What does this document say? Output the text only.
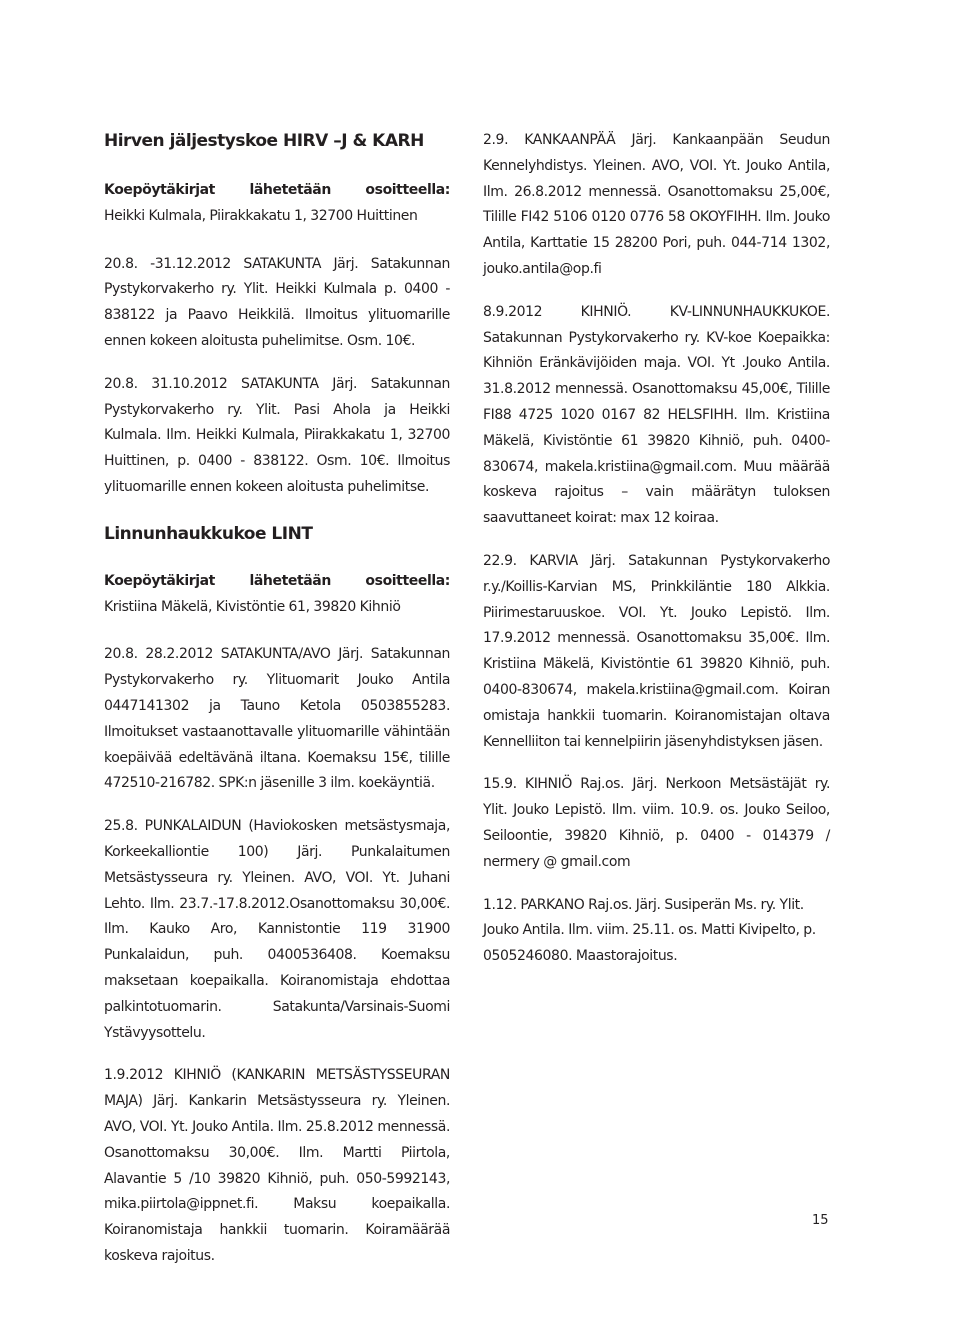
Hirven jäljestyskoe HIRV –J & KARH
Koepöytäkirjat lähetetään osoitteella:
Heikki Kulmala, Piirakkakatu 1, 32700 Huittinen

20.8. -31.12.2012 SATAKUNTA Järj. Satakunnan Pystykorvakerho ry. Ylit. Heikki Kulmala p. 0400 - 838122 ja Paavo Heikkilä. Ilmoitus ylituomarille ennen kokeen aloitusta puhelimitse. Osm. 10€.

20.8. 31.10.2012 SATAKUNTA Järj. Satakunnan Pystykorvakerho ry. Ylit. Pasi Ahola ja Heikki Kulmala. Ilm. Heikki Kulmala, Piirakkakatu 1, 32700 Huittinen, p. 0400 - 838122. Osm. 10€. Ilmoitus ylituomarille ennen kokeen aloitusta puhelimitse.

Linnunhaukkukoe LINT
Koepöytäkirjat lähetetään osoitteella:
Kristiina Mäkelä, Kivistöntie 61, 39820 Kihniö

20.8. 28.2.2012 SATAKUNTA/AVO Järj. Satakunnan Pystykorvakerho ry. Ylituomarit Jouko Antila 0447141302 ja Tauno Ketola 0503855283. Ilmoitukset vastaanottavalle ylituomarille vähintään koepäivää edeltävänä iltana. Koemaksu 15€, tilille 472510-216782. SPK:n jäsenille 3 ilm. koekäyntiä.

25.8. PUNKALAIDUN (Haviokosken metsästysmaja, Korkeekalliontie 100) Järj. Punkalaitumen Metsästysseura ry. Yleinen. AVO, VOI. Yt. Juhani Lehto. Ilm. 23.7.-17.8.2012.Osanottomaksu 30,00€. Ilm. Kauko Aro, Kannistontie 119 31900 Punkalaidun, puh. 0400536408. Koemaksu maksetaan koepaikalla. Koiranomistaja ehdottaa palkintotuomarin. Satakunta/Varsinais-Suomi Ystävyysottelu.

1.9.2012 KIHNIÖ (KANKARIN METSÄSTYSSEURAN MAJA) Järj. Kankarin Metsästysseura ry. Yleinen. AVO, VOI. Yt. Jouko Antila. Ilm. 25.8.2012 mennessä. Osanottomaksu 30,00€. Ilm. Martti Piirtola, Alavantie 5 /10 39820 Kihniö, puh. 050-5992143, mika.piirtola@ippnet.fi. Maksu koepaikalla. Koiranomistaja hankkii tuomarin. Koiramäärää koskeva rajoitus.

2.9. KANKAANPÄÄ Järj. Kankaanpään Seudun Kennelyhdistys. Yleinen. AVO, VOI. Yt. Jouko Antila, Ilm. 26.8.2012 mennessä. Osanottomaksu 25,00€, Tilille FI42 5106 0120 0776 58 OKOYFIHH. Ilm. Jouko Antila, Karttatie 15 28200 Pori, puh. 044-714 1302, jouko.antila@op.fi

8.9.2012 KIHNIÖ. KV-LINNUNHAUKKUKOE. Satakunnan Pystykorvakerho ry. KV-koe Koepaikka: Kihniön Eränkävijöiden maja. VOI. Yt .Jouko Antila. 31.8.2012 mennessä. Osanottomaksu 45,00€, Tilille FI88 4725 1020 0167 82 HELSFIHH. Ilm. Kristiina Mäkelä, Kivistöntie 61 39820 Kihniö, puh. 0400-830674, makela.kristiina@gmail.com. Muu määrää koskeva rajoitus – vain määrätyn tuloksen saavuttaneet koirat: max 12 koiraa.

22.9. KARVIA Järj. Satakunnan Pystykorvakerho r.y./Koillis-Karvian MS, Prinkkiläntie 180 Alkkia. Piirimestaruuskoe. VOI. Yt. Jouko Lepistö. Ilm. 17.9.2012 mennessä. Osanottomaksu 35,00€. Ilm. Kristiina Mäkelä, Kivistöntie 61 39820 Kihniö, puh. 0400-830674, makela.kristiina@gmail.com. Koiran omistaja hankkii tuomarin. Koiranomistajan oltava Kennelliiton tai kennelpiirin jäsenyhdistyksen jäsen.

15.9. KIHNIÖ Raj.os. Järj. Nerkoon Metsästäjät ry. Ylit. Jouko Lepistö. Ilm. viim. 10.9. os. Jouko Seiloo, Seiloontie, 39820 Kihniö, p. 0400 - 014379 / nermery @ gmail.com

1.12. PARKANO Raj.os. Järj. Susiperän Ms. ry. Ylit. Jouko Antila. Ilm. viim. 25.11. os. Matti Kivipelto, p. 0505246080. Maastorajoitus.

15
